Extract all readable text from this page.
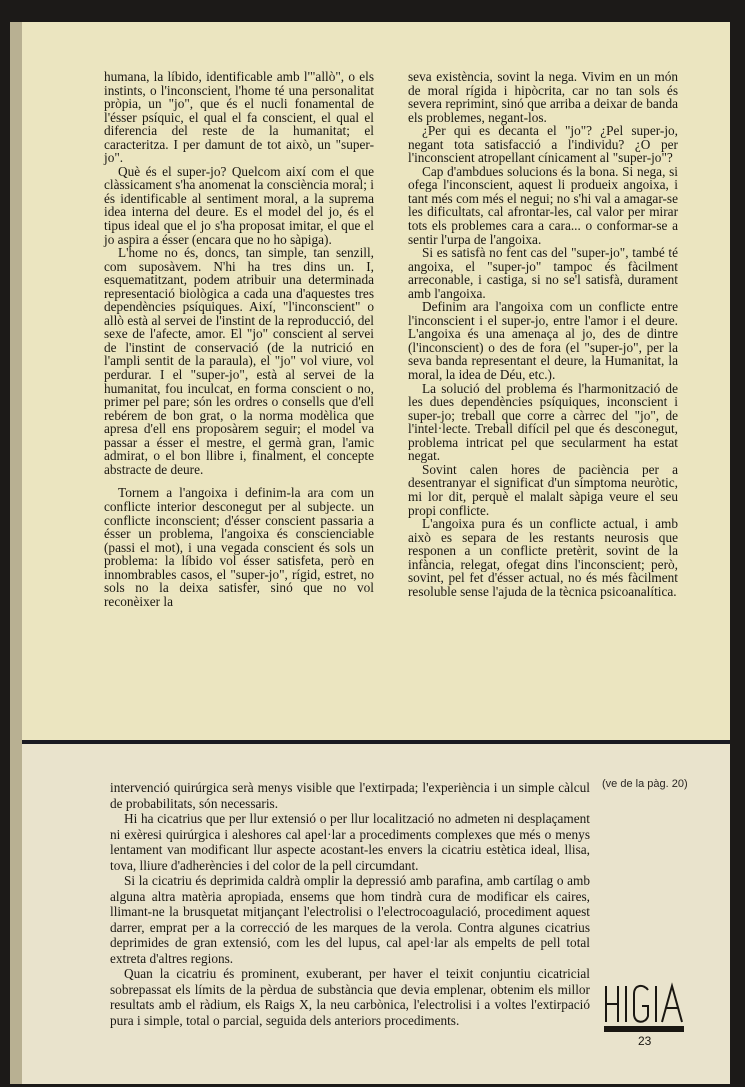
humana, la líbido, identificable amb l'"allò", o els instints, o l'inconscient, l'home té una personalitat pròpia, un "jo", que és el nucli fonamental de l'ésser psíquic, el qual el fa conscient, el qual el diferencia del reste de la humanitat; el caracteritza. I per damunt de tot això, un "super-jo".

Què és el super-jo? Quelcom així com el que clàssicament s'ha anomenat la consciència moral; i és identificable al sentiment moral, a la suprema idea interna del deure. Es el model del jo, és el tipus ideal que el jo s'ha proposat imitar, el que el jo aspira a ésser (encara que no ho sàpiga).

L'home no és, doncs, tan simple, tan senzill, com suposàvem. N'hi ha tres dins un. I, esquematitzant, podem atribuir una determinada representació biològica a cada una d'aquestes tres dependències psíquiques. Així, "l'inconscient" o allò està al servei de l'instint de la reproducció, del sexe de l'afecte, amor. El "jo" conscient al servei de l'instint de conservació (de la nutrició en l'ampli sentit de la paraula), el "jo" vol viure, vol perdurar. I el "super-jo", està al servei de la humanitat, fou inculcat, en forma conscient o no, primer pel pare; són les ordres o consells que d'ell rebérem de bon grat, o la norma modèlica que apresa d'ell ens proposàrem seguir; el model va passar a ésser el mestre, el germà gran, l'amic admirat, o el bon llibre i, finalment, el concepte abstracte de deure.

Tornem a l'angoixa i definim-la ara com un conflicte interior desconegut per al subjecte. un conflicte inconscient; d'ésser conscient passaria a ésser un problema, l'angoixa és conscienciable (passi el mot), i una vegada conscient és sols un problema: la líbido vol ésser satisfeta, però en innombrables casos, el "super-jo", rígid, estret, no sols no la deixa satisfer, sinó que no vol reconèixer la

seva existència, sovint la nega. Vivim en un món de moral rígida i hipòcrita, car no tan sols és severa reprimint, sinó que arriba a deixar de banda els problemes, negant-los.

¿Per qui es decanta el "jo"? ¿Pel super-jo, negant tota satisfacció a l'individu? ¿O per l'inconscient atropellant cínicament al "super-jo"?

Cap d'ambdues solucions és la bona. Si nega, si ofega l'inconscient, aquest li produeix angoixa, i tant més com més el negui; no s'hi val a amagar-se les dificultats, cal afrontar-les, cal valor per mirar tots els problemes cara a cara... o conformar-se a sentir l'urpa de l'angoixa.

Si es satisfà no fent cas del "super-jo", també té angoixa, el "super-jo" tampoc és fàcilment arreconable, i castiga, si no se'l satisfà, durament amb l'angoixa.

Definim ara l'angoixa com un conflicte entre l'inconscient i el super-jo, entre l'amor i el deure. L'angoixa és una amenaça al jo, des de dintre (l'inconscient) o des de fora (el "super-jo", per la seva banda representant el deure, la Humanitat, la moral, la idea de Déu, etc.).

La solució del problema és l'harmonització de les dues dependències psíquiques, inconscient i super-jo; treball que corre a càrrec del "jo", de l'intel·lecte. Treball difícil pel que és desconegut, problema intricat pel que secularment ha estat negat.

Sovint calen hores de paciència per a desentranyar el significat d'un símptoma neuròtic, mi lor dit, perquè el malalt sàpiga veure el seu propi conflicte.

L'angoixa pura és un conflicte actual, i amb això es separa de les restants neurosis que responen a un conflicte pretèrit, sovint de la infància, relegat, ofegat dins l'inconscient; però, sovint, pel fet d'ésser actual, no és més fàcilment resoluble sense l'ajuda de la tècnica psicoanalítica.

intervenció quirúrgica serà menys visible que l'extirpada; l'experiència i un simple càlcul de probabilitats, són necessaris.

Hi ha cicatrius que per llur extensió o per llur localització no admeten ni desplaçament ni exèresi quirúrgica i aleshores cal apel·lar a procediments complexes que més o menys lentament van modificant llur aspecte acostant-les envers la cicatriu estètica ideal, llisa, tova, lliure d'adherències i del color de la pell circumdant.

Si la cicatriu és deprimida caldrà omplir la depressió amb parafina, amb cartílag o amb alguna altra matèria apropiada, ensems que hom tindrà cura de modificar els caires, llimant-ne la brusquetat mitjançant l'electrolisi o l'electrocoagulació, procediment aquest darrer, emprat per a la correcció de les marques de la verola. Contra algunes cicatrius deprimides de gran extensió, com les del lupus, cal apel·lar als empelts de pell total extreta d'altres regions.

Quan la cicatriu és prominent, exuberant, per haver el teixit conjuntiu cicatricial sobrepassat els límits de la pèrdua de substància que devia emplenar, obtenim els millor resultats amb el ràdium, els Raigs X, la neu carbònica, l'electrolisi i a voltes l'extirpació pura i simple, total o parcial, seguida dels anteriors procediments.

(ve de la pàg. 20)
23
